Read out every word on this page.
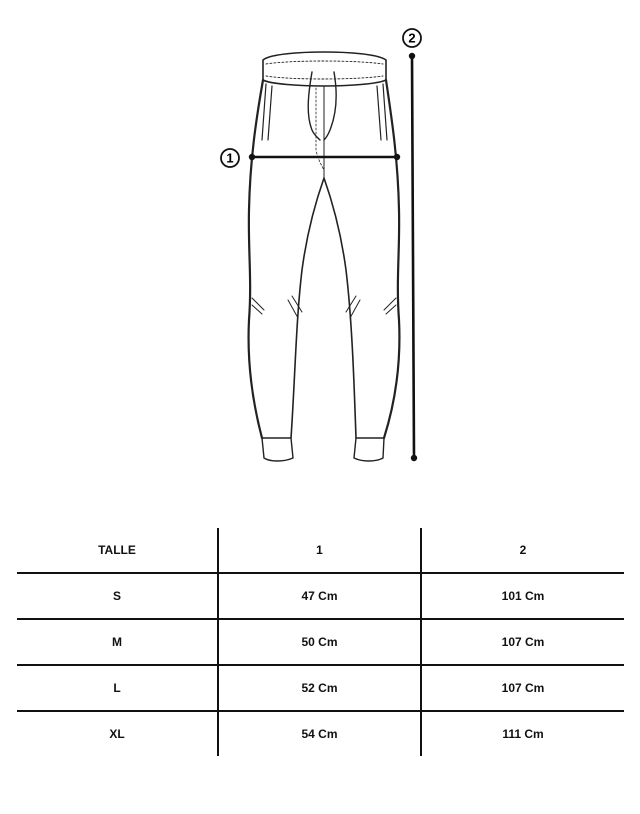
1
2
TALLE	1	2
S	47 Cm	101 Cm
M	50 Cm	107 Cm
L	52 Cm	107 Cm
XL	54 Cm	111 Cm
